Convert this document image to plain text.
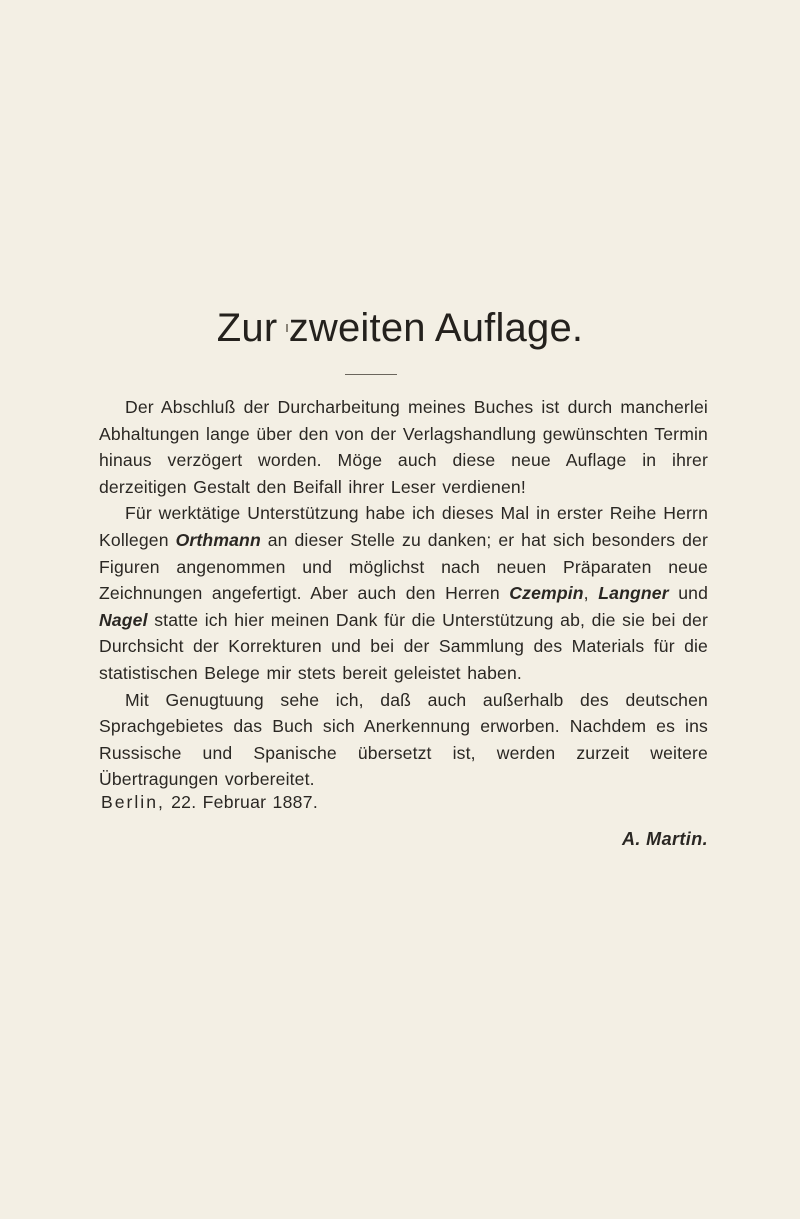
Zur zweiten Auflage.

Der Abschluß der Durcharbeitung meines Buches ist durch mancherlei Abhaltungen lange über den von der Verlagshandlung gewünschten Termin hinaus verzögert worden. Möge auch diese neue Auflage in ihrer derzeitigen Gestalt den Beifall ihrer Leser verdienen!

Für werktätige Unterstützung habe ich dieses Mal in erster Reihe Herrn Kollegen Orthmann an dieser Stelle zu danken; er hat sich besonders der Figuren angenommen und möglichst nach neuen Präparaten neue Zeichnungen angefertigt. Aber auch den Herren Czempin, Langner und Nagel statte ich hier meinen Dank für die Unterstützung ab, die sie bei der Durchsicht der Korrekturen und bei der Sammlung des Materials für die statistischen Belege mir stets bereit geleistet haben.

Mit Genugtuung sehe ich, daß auch außerhalb des deutschen Sprachgebietes das Buch sich Anerkennung erworben. Nachdem es ins Russische und Spanische übersetzt ist, werden zurzeit weitere Übertragungen vorbereitet.

Berlin, 22. Februar 1887.
A. Martin.
